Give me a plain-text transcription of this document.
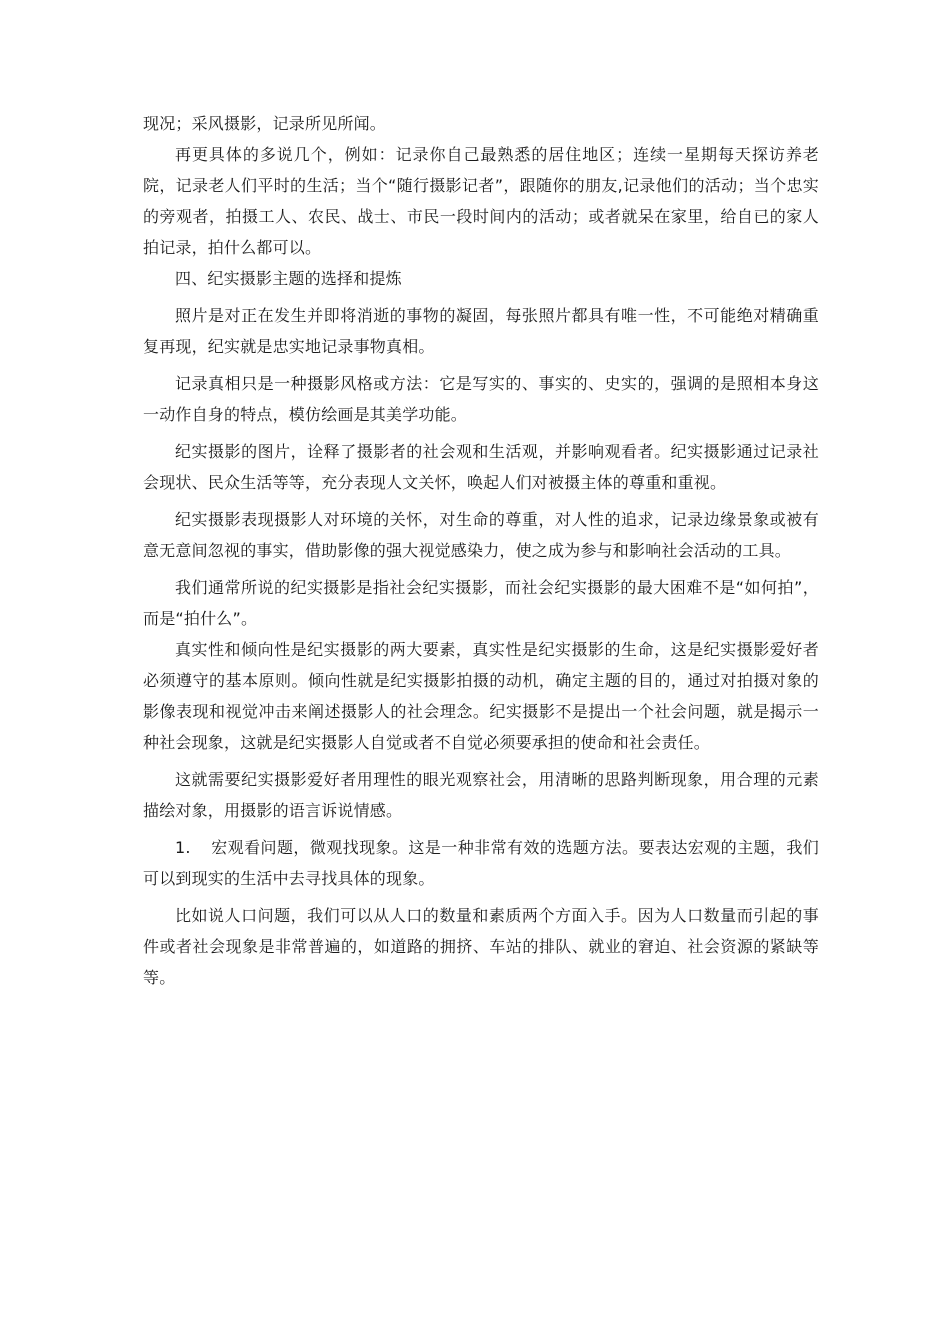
现况；采风摄影，记录所见所闻。

再更具体的多说几个，例如：记录你自己最熟悉的居住地区；连续一星期每天探访养老院，记录老人们平时的生活；当个“随行摄影记者”，跟随你的朋友,记录他们的活动；当个忠实的旁观者，拍摄工人、农民、战士、市民一段时间内的活动；或者就呆在家里，给自已的家人拍记录，拍什么都可以。

四、纪实摄影主题的选择和提炼

照片是对正在发生并即将消逝的事物的凝固，每张照片都具有唯一性，不可能绝对精确重复再现，纪实就是忠实地记录事物真相。

记录真相只是一种摄影风格或方法：它是写实的、事实的、史实的，强调的是照相本身这一动作自身的特点，模仿绘画是其美学功能。

纪实摄影的图片，诠释了摄影者的社会观和生活观，并影响观看者。纪实摄影通过记录社会现状、民众生活等等，充分表现人文关怀，唤起人们对被摄主体的尊重和重视。

纪实摄影表现摄影人对环境的关怀，对生命的尊重，对人性的追求，记录边缘景象或被有意无意间忽视的事实，借助影像的强大视觉感染力，使之成为参与和影响社会活动的工具。

我们通常所说的纪实摄影是指社会纪实摄影，而社会纪实摄影的最大困难不是“如何拍”，而是“拍什么”。

真实性和倾向性是纪实摄影的两大要素，真实性是纪实摄影的生命，这是纪实摄影爱好者必须遵守的基本原则。倾向性就是纪实摄影拍摄的动机，确定主题的目的，通过对拍摄对象的影像表现和视觉冲击来阐述摄影人的社会理念。纪实摄影不是提出一个社会问题，就是揭示一种社会现象，这就是纪实摄影人自觉或者不自觉必须要承担的使命和社会责任。

这就需要纪实摄影爱好者用理性的眼光观察社会，用清晰的思路判断现象，用合理的元素描绘对象，用摄影的语言诉说情感。

1. 宏观看问题，微观找现象。这是一种非常有效的选题方法。要表达宏观的主题，我们可以到现实的生活中去寻找具体的现象。

比如说人口问题，我们可以从人口的数量和素质两个方面入手。因为人口数量而引起的事件或者社会现象是非常普遍的，如道路的拥挤、车站的排队、就业的窘迫、社会资源的紧缺等等。
